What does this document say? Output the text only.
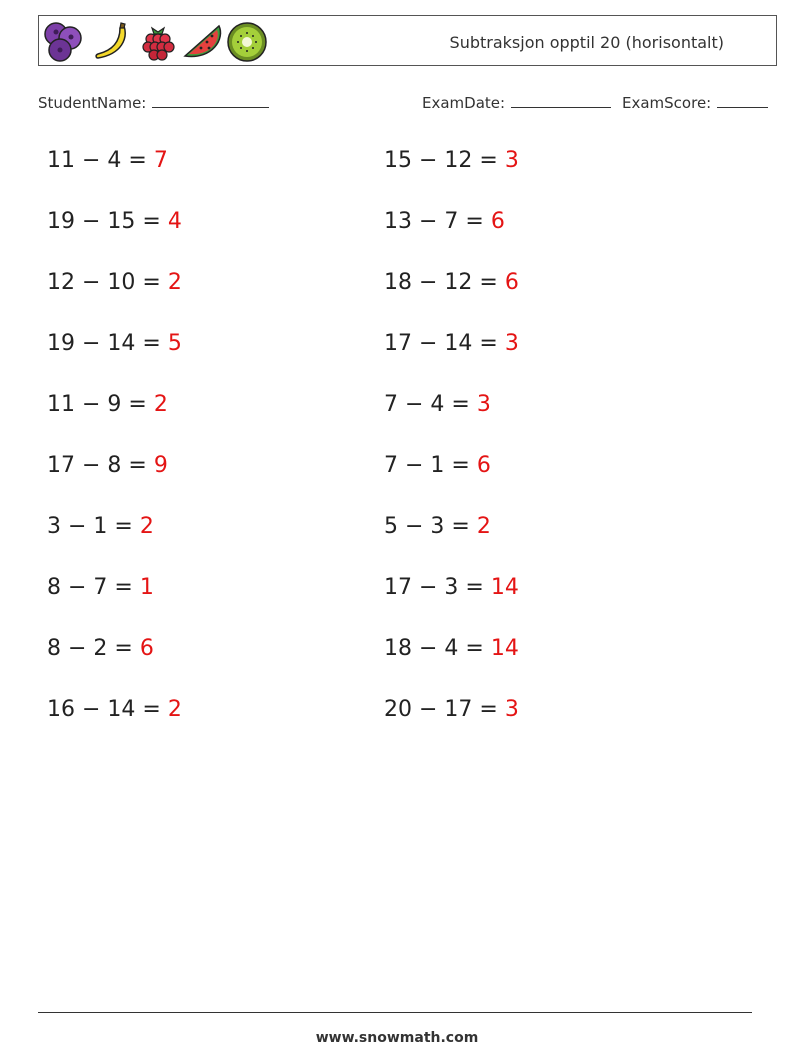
Subtraksjon opptil 20 (horisontalt)
StudentName:	ExamDate:	ExamScore:
11 − 4 = 7
19 − 15 = 4
12 − 10 = 2
19 − 14 = 5
11 − 9 = 2
17 − 8 = 9
3 − 1 = 2
8 − 7 = 1
8 − 2 = 6
16 − 14 = 2
15 − 12 = 3
13 − 7 = 6
18 − 12 = 6
17 − 14 = 3
7 − 4 = 3
7 − 1 = 6
5 − 3 = 2
17 − 3 = 14
18 − 4 = 14
20 − 17 = 3
www.snowmath.com
